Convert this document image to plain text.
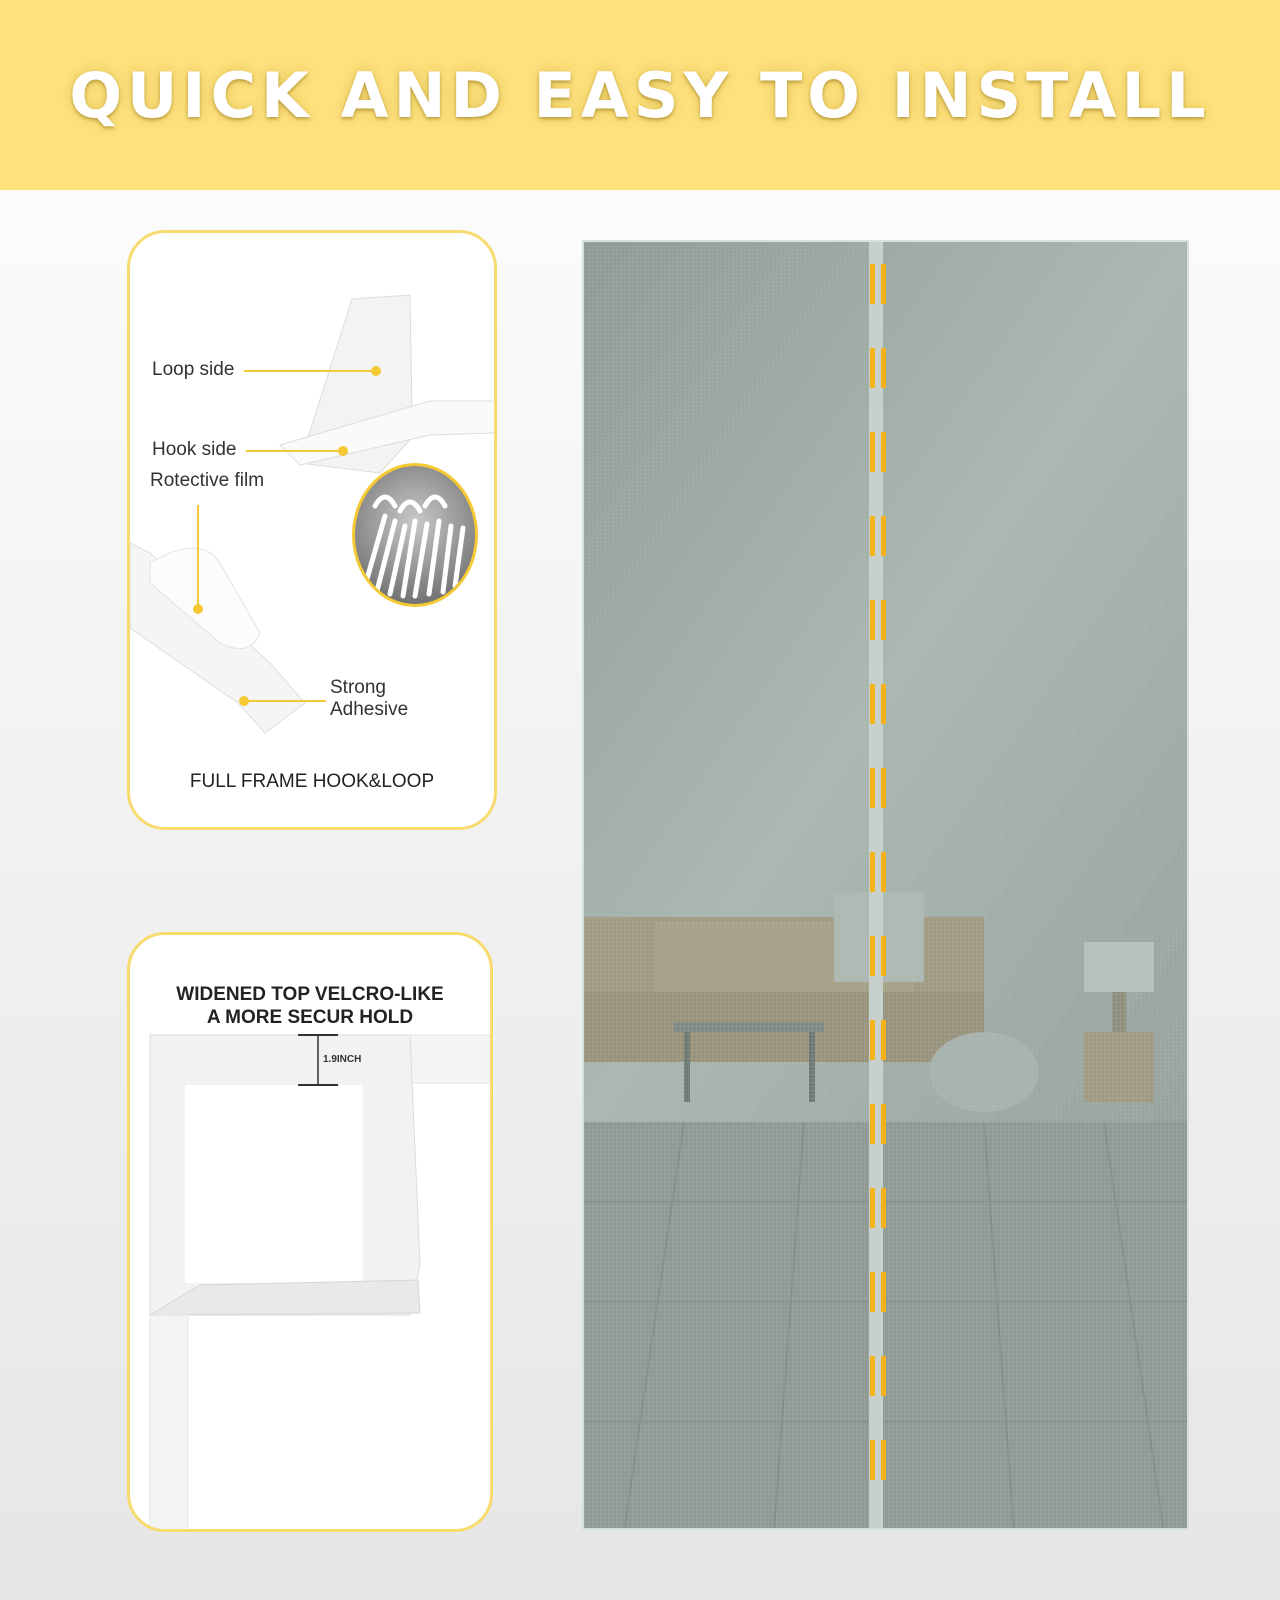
QUICK AND EASY TO INSTALL
Loop side
Hook side
Rotective film
Strong
Adhesive
FULL FRAME HOOK&LOOP
WIDENED TOP VELCRO-LIKE
A MORE SECUR HOLD
1.9INCH
